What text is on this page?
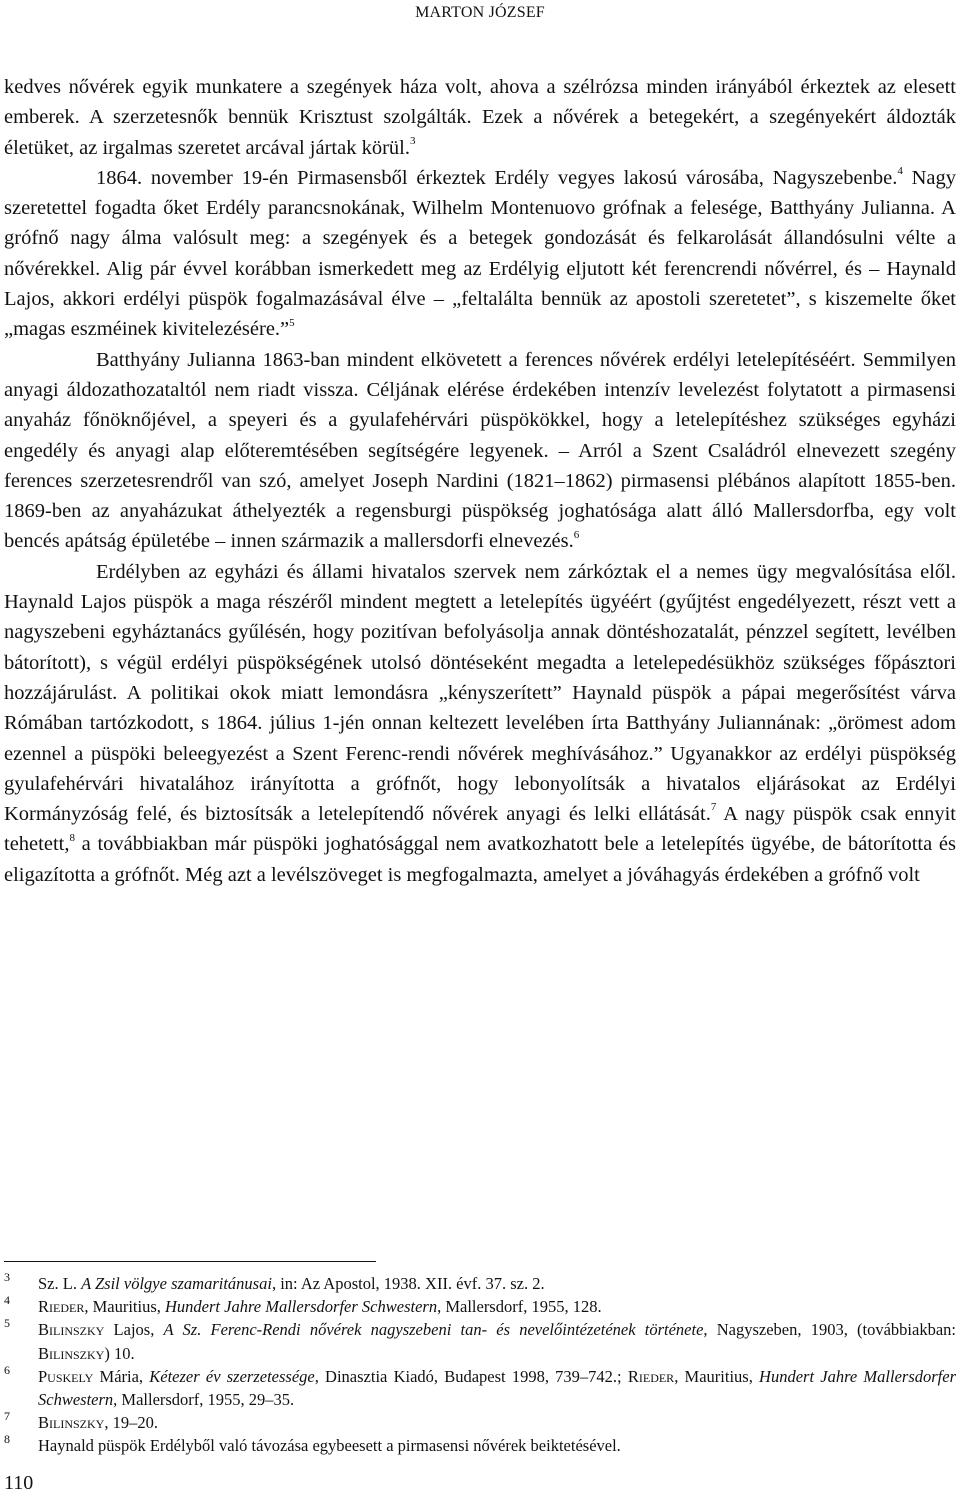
MARTON JÓZSEF

kedves nővérek egyik munkatere a szegények háza volt, ahova a szélrózsa minden irányából érkeztek az elesett emberek. A szerzetesnők bennük Krisztust szolgálták. Ezek a nővérek a betegekért, a szegényekért áldozták életüket, az irgalmas szeretet arcával jártak körül.$^3$

1864. november 19-én Pirmasensből érkeztek Erdély vegyes lakosú városába, Nagyszebenbe.$^4$ Nagy szeretettel fogadta őket Erdély parancsnokának, Wilhelm Montenuovo grófnak a felesége, Batthyány Julianna. A grófnő nagy álma valósult meg: a szegények és a betegek gondozását és felkarolását állandósulni vélte a nővérekkel. Alig pár évvel korábban ismerkedett meg az Erdélyig eljutott két ferencrendi nővérrel, és – Haynald Lajos, akkori erdélyi püspök fogalmazásával élve – „feltalálta bennük az apostoli szeretetet”, s kiszemelte őket „magas eszméinek kivitelezésére.”$^5$

Batthyány Julianna 1863-ban mindent elkövetett a ferences nővérek erdélyi letelepítéséért. Semmilyen anyagi áldozathozataltól nem riadt vissza. Céljának elérése érdekében intenzív levelezést folytatott a pirmasensi anyaház főnöknőjével, a speyeri és a gyulafehérvári püspökökkel, hogy a letelepítéshez szükséges egyházi engedély és anyagi alap előteremtésében segítségére legyenek. – Arról a Szent Családról elnevezett szegény ferences szerzetesrendről van szó, amelyet Joseph Nardini (1821–1862) pirmasensi plébános alapított 1855-ben. 1869-ben az anyaházukat áthelyezték a regensburgi püspökség joghatósága alatt álló Mallersdorfba, egy volt bencés apátság épületébe – innen származik a mallersdorfi elnevezés.$^6$

Erdélyben az egyházi és állami hivatalos szervek nem zárkóztak el a nemes ügy megvalósítása elől. Haynald Lajos püspök a maga részéről mindent megtett a letelepítés ügyéért (gyűjtést engedélyezett, részt vett a nagyszebeni egyháztanács gyűlésén, hogy pozitívan befolyásolja annak döntéshozatalát, pénzzel segített, levélben bátorított), s végül erdélyi püspökségének utolsó döntéseként megadta a letelepedésükhöz szükséges főpásztori hozzájárulást. A politikai okok miatt lemondásra „kényszerített” Haynald püspök a pápai megerősítést várva Rómában tartózkodott, s 1864. július 1-jén onnan keltezett levelében írta Batthyány Juliannának: „örömest adom ezennel a püspöki beleegyezést a Szent Ferenc-rendi nővérek meghívásához.” Ugyanakkor az erdélyi püspökség gyulafehérvári hivatalához irányította a grófnőt, hogy lebonyolítsák a hivatalos eljárásokat az Erdélyi Kormányzóság felé, és biztosítsák a letelepítendő nővérek anyagi és lelki ellátását.$^7$ A nagy püspök csak ennyit tehetett,$^8$ a továbbiakban már püspöki joghatósággal nem avatkozhatott bele a letelepítés ügyébe, de bátorította és eligazította a grófnőt. Még azt a levélszöveget is megfogalmazta, amelyet a jóváhagyás érdekében a grófnő volt

3 Sz. L. A Zsil völgye szamaritánusai, in: Az Apostol, 1938. XII. évf. 37. sz. 2.
4 Rieder, Mauritius, Hundert Jahre Mallersdorfer Schwestern, Mallersdorf, 1955, 128.
5 Bilinszky Lajos, A Sz. Ferenc-Rendi nővérek nagyszebeni tan- és nevelőintézetének története, Nagyszeben, 1903, (továbbiakban: Bilinszky) 10.
6 Puskely Mária, Kétezer év szerzetessége, Dinasztia Kiadó, Budapest 1998, 739–742.; Rieder, Mauritius, Hundert Jahre Mallersdorfer Schwestern, Mallersdorf, 1955, 29–35.
7 Bilinszky, 19–20.
8 Haynald püspök Erdélyből való távozása egybeesett a pirmasensi nővérek beiktetésével.
110
